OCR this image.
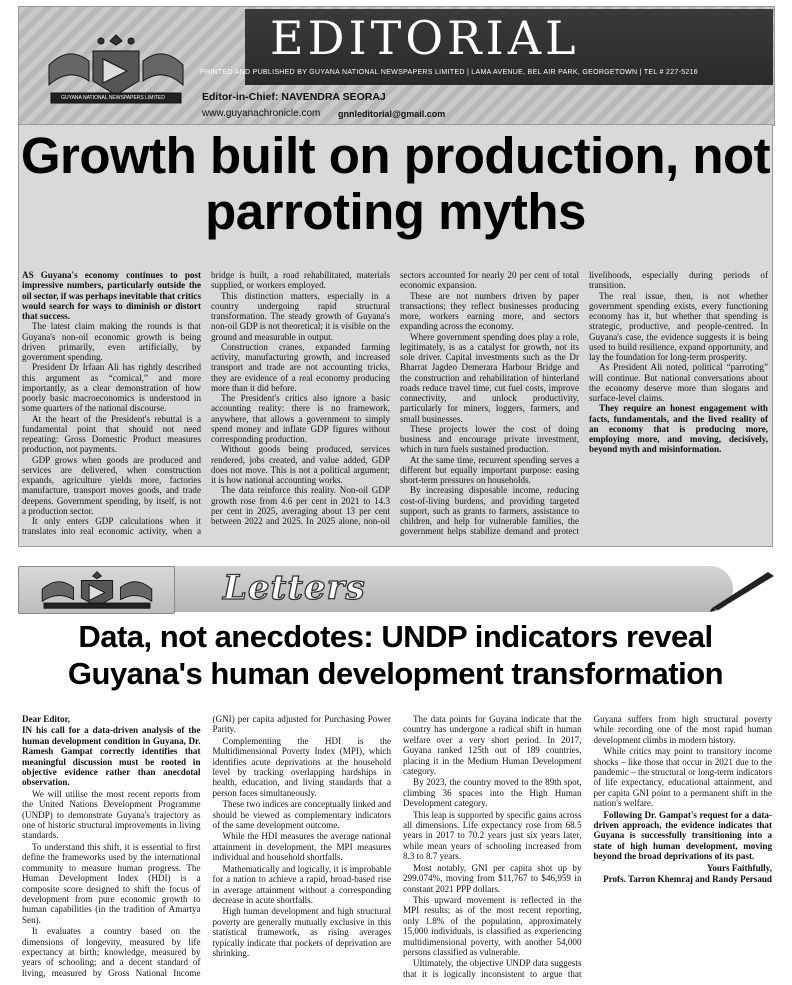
GUYANA NATIONAL NEWSPAPERS LIMITED
EDITORIAL
PRINTED AND PUBLISHED BY GUYANA NATIONAL NEWSPAPERS LIMITED | LAMA AVENUE, BEL AIR PARK, GEORGETOWN | TEL # 227-5216
Editor-in-Chief: NAVENDRA SEORAJ
www.guyanachronicle.com gnnleditorial@gmail.com
Growth built on production, not parroting myths

AS Guyana's economy continues to post impressive numbers, particularly outside the oil sector, if was perhaps inevitable that critics would search for ways to diminish or distort that success.

The latest claim making the rounds is that Guyana's non-oil economic growth is being driven primarily, even artificially, by government spending.

President Dr Irfaan Ali has rightly described this argument as “comical,” and more importantly, as a clear demonstration of how poorly basic macroeconomics is understood in some quarters of the national discourse.

At the heart of the President's rebuttal is a fundamental point that should not need repeating: Gross Domestic Product measures production, not payments.

GDP grows when goods are produced and services are delivered, when construction expands, agriculture yields more, factories manufacture, transport moves goods, and trade deepens. Government spending, by itself, is not a production sector.

It only enters GDP calculations when it translates into real economic activity, when a bridge is built, a road rehabilitated, materials supplied, or workers employed.

This distinction matters, especially in a country undergoing rapid structural transformation. The steady growth of Guyana's non-oil GDP is not theoretical; it is visible on the ground and measurable in output.

Construction cranes, expanded farming activity, manufacturing growth, and increased transport and trade are not accounting tricks, they are evidence of a real economy producing more than it did before.

The President's critics also ignore a basic accounting reality: there is no framework, anywhere, that allows a government to simply spend money and inflate GDP figures without corresponding production.

Without goods being produced, services rendered, jobs created, and value added, GDP does not move. This is not a political argument; it is how national accounting works.

The data reinforce this reality. Non-oil GDP growth rose from 4.6 per cent in 2021 to 14.3 per cent in 2025, averaging about 13 per cent between 2022 and 2025. In 2025 alone, non-oil sectors accounted for nearly 20 per cent of total economic expansion.

These are not numbers driven by paper transactions; they reflect businesses producing more, workers earning more, and sectors expanding across the economy.

Where government spending does play a role, legitimately, is as a catalyst for growth, not its sole driver. Capital investments such as the Dr Bharrat Jagdeo Demerara Harbour Bridge and the construction and rehabilitation of hinterland roads reduce travel time, cut fuel costs, improve connectivity, and unlock productivity, particularly for miners, loggers, farmers, and small businesses.

These projects lower the cost of doing business and encourage private investment, which in turn fuels sustained production.

At the same time, recurrent spending serves a different but equally important purpose: easing short-term pressures on households.

By increasing disposable income, reducing cost-of-living burdens, and providing targeted support, such as grants to farmers, assistance to children, and help for vulnerable families, the government helps stabilize demand and protect livelihoods, especially during periods of transition.

The real issue, then, is not whether government spending exists, every functioning economy has it, but whether that spending is strategic, productive, and people-centred. In Guyana's case, the evidence suggests it is being used to build resilience, expand opportunity, and lay the foundation for long-term prosperity.

As President Ali noted, political “parroting” will continue. But national conversations about the economy deserve more than slogans and surface-level claims.

They require an honest engagement with facts, fundamentals, and the lived reality of an economy that is producing more, employing more, and moving, decisively, beyond myth and misinformation.

Letters
Data, not anecdotes: UNDP indicators reveal Guyana's human development transformation

Dear Editor,

IN his call for a data-driven analysis of the human development condition in Guyana, Dr. Ramesh Gampat correctly identifies that meaningful discussion must be rooted in objective evidence rather than anecdotal observation.

We will utilise the most recent reports from the United Nations Development Programme (UNDP) to demonstrate Guyana's trajectory as one of historic structural improvements in living standards.

To understand this shift, it is essential to first define the frameworks used by the international community to measure human progress. The Human Development Index (HDI) is a composite score designed to shift the focus of development from pure economic growth to human capabilities (in the tradition of Amartya Sen).

It evaluates a country based on the dimensions of longevity, measured by life expectancy at birth; knowledge, measured by years of schooling; and a decent standard of living, measured by Gross National Income (GNI) per capita adjusted for Purchasing Power Parity.

Complementing the HDI is the Multidimensional Poverty Index (MPI), which identifies acute deprivations at the household level by tracking overlapping hardships in health, education, and living standards that a person faces simultaneously.

These two indices are conceptually linked and should be viewed as complementary indicators of the same development outcome.

While the HDI measures the average national attainment in development, the MPI measures individual and household shortfalls.

Mathematically and logically, it is improbable for a nation to achieve a rapid, broad-based rise in average attainment without a corresponding decrease in acute shortfalls.

High human development and high structural poverty are generally mutually exclusive in this statistical framework, as rising averages typically indicate that pockets of deprivation are shrinking.

The data points for Guyana indicate that the country has undergone a radical shift in human welfare over a very short period. In 2017, Guyana ranked 125th out of 189 countries, placing it in the Medium Human Development category.

By 2023, the country moved to the 89th spot, climbing 36 spaces into the High Human Development category.

This leap is supported by specific gains across all dimensions. Life expectancy rose from 68.5 years in 2017 to 70.2 years just six years later, while mean years of schooling increased from 8.3 to 8.7 years.

Most notably, GNI per capita shot up by 299.074%, moving from $11,767 to $46,959 in constant 2021 PPP dollars.

This upward movement is reflected in the MPI results; as of the most recent reporting, only 1.8% of the population, approximately 15,000 individuals, is classified as experiencing multidimensional poverty, with another 54,000 persons classified as vulnerable.

Ultimately, the objective UNDP data suggests that it is logically inconsistent to argue that Guyana suffers from high structural poverty while recording one of the most rapid human development climbs in modern history.

While critics may point to transitory income shocks – like those that occur in 2021 due to the pandemic – the structural or long-term indicators of life expectancy, educational attainment, and per capita GNI point to a permanent shift in the nation's welfare.

Following Dr. Gampat's request for a data-driven approach, the evidence indicates that Guyana is successfully transitioning into a state of high human development, moving beyond the broad deprivations of its past.

Yours Faithfully,

Profs. Tarron Khemraj and Randy Persaud
